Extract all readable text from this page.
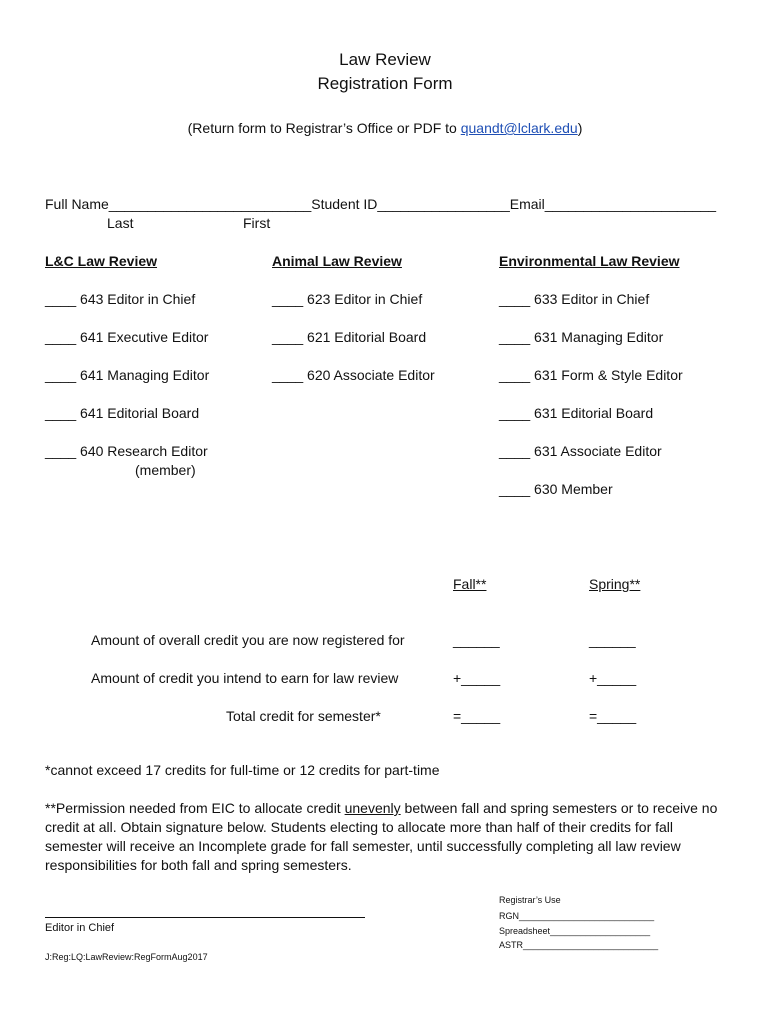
Law Review
Registration Form
(Return form to Registrar’s Office or PDF to quandt@lclark.edu)
Full Name__________________________Student ID_________________Email______________________
Last	First
L&C Law Review
____ 643 Editor in Chief
____ 641 Executive Editor
____ 641 Managing Editor
____ 641 Editorial Board
____ 640 Research Editor
(member)
Animal Law Review
____ 623 Editor in Chief
____ 621 Editorial Board
____ 620 Associate Editor
Environmental Law Review
____ 633 Editor in Chief
____ 631 Managing Editor
____ 631 Form & Style Editor
____ 631 Editorial Board
____ 631 Associate Editor
____ 630 Member
Fall**	Spring**
Amount of overall credit you are now registered for	______	______
Amount of credit you intend to earn for law review	+_____	+_____
Total credit for semester*	=_____	=_____
*cannot exceed 17 credits for full-time or 12 credits for part-time
**Permission needed from EIC to allocate credit unevenly between fall and spring semesters or to receive no
credit at all. Obtain signature below. Students electing to allocate more than half of their credits for fall
semester will receive an Incomplete grade for fall semester, until successfully completing all law review
responsibilities for both fall and spring semesters.
Editor in Chief
Registrar’s Use
RGN___________________________
Spreadsheet____________________
ASTR___________________________
J:Reg:LQ:LawReview:RegFormAug2017
